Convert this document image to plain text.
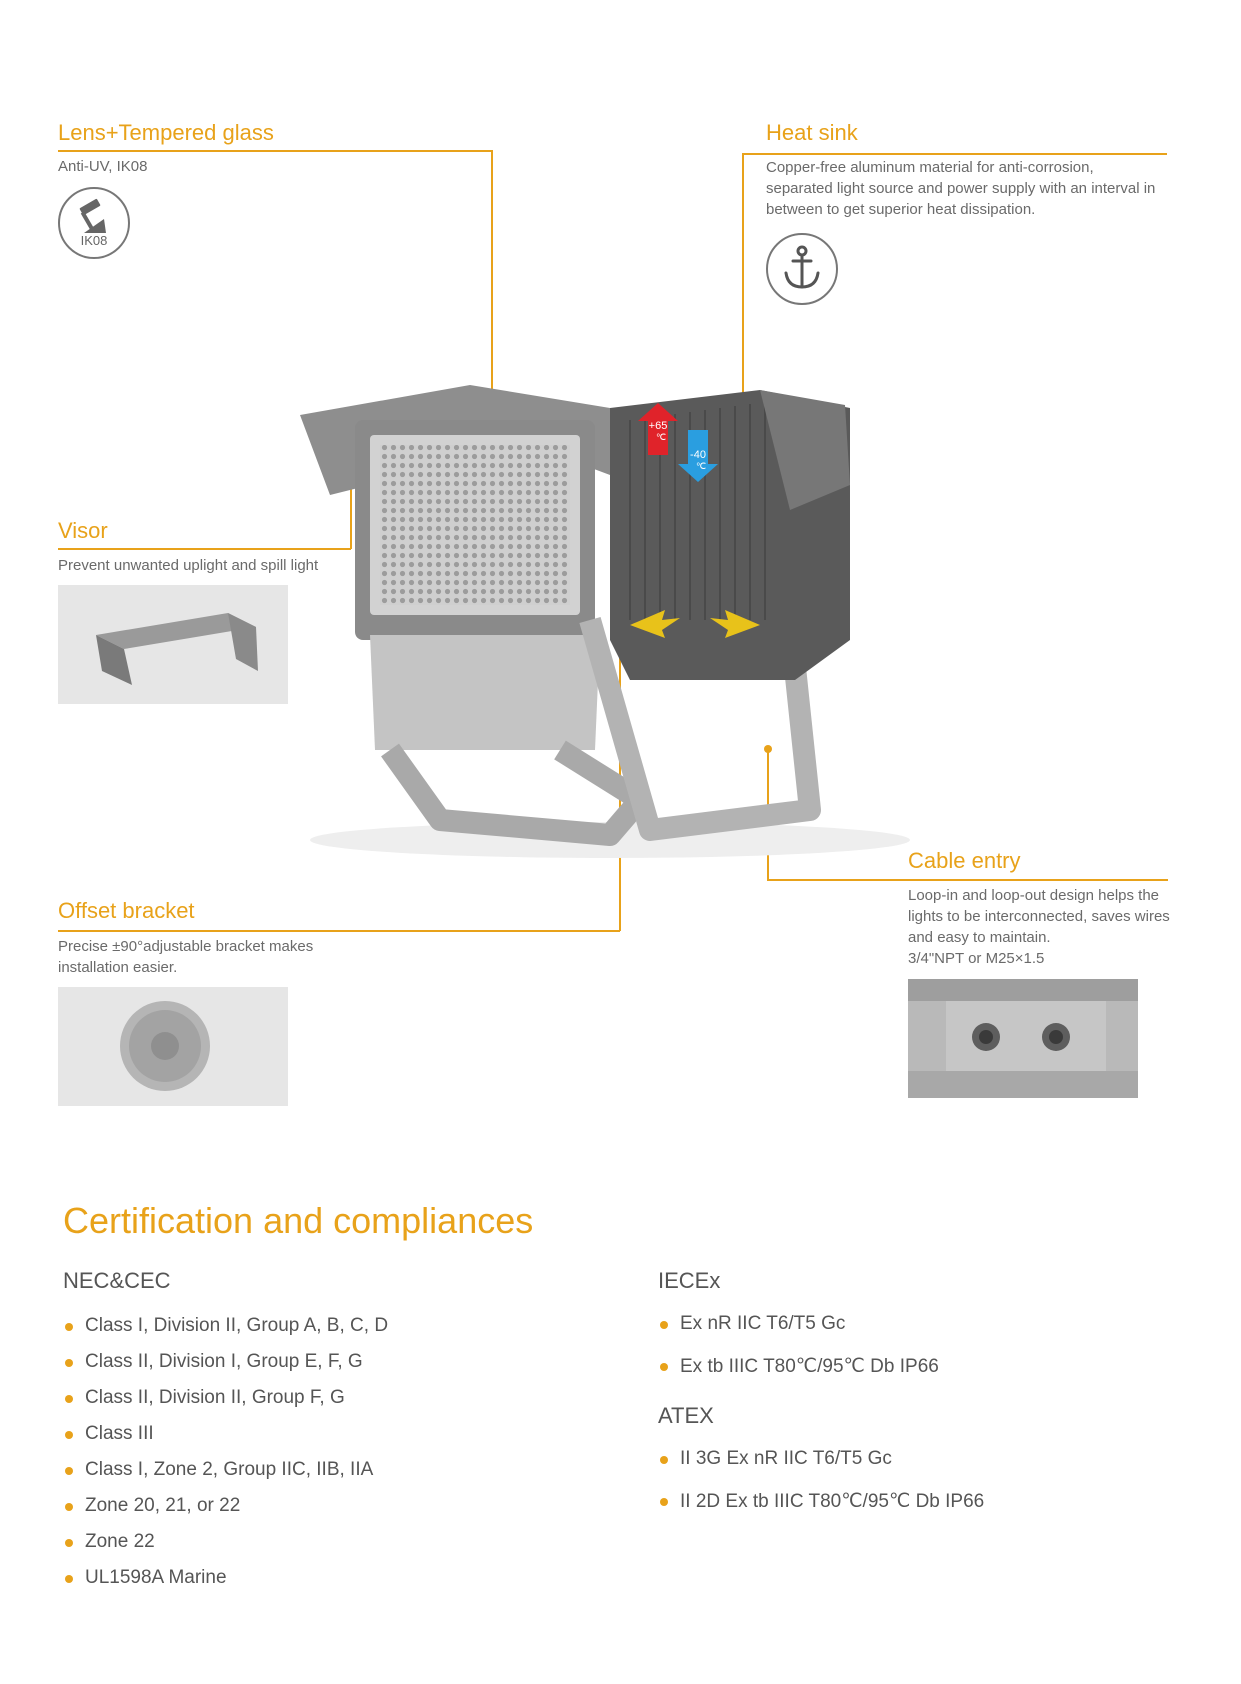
Lens+Tempered glass
Anti-UV, IK08
IK08
Heat sink
Copper-free aluminum material for anti-corrosion, separated light source and power supply with an interval in between to get superior heat dissipation.
Visor
Prevent unwanted uplight and spill light
Offset bracket
Precise ±90°adjustable bracket makes installation easier.
Cable entry
Loop-in and loop-out design helps the lights to be interconnected, saves wires and easy to maintain.
3/4"NPT or M25×1.5
+65
℃
-40
℃
Certification and compliances
NEC&CEC
Class I, Division II, Group A, B, C, D
Class II, Division I, Group E, F, G
Class II, Division II, Group F, G
Class III
Class I, Zone 2, Group IIC, IIB, IIA
Zone 20, 21, or 22
Zone 22
UL1598A Marine
IECEx
Ex nR IIC T6/T5 Gc
Ex tb IIIC T80℃/95℃ Db IP66
ATEX
II 3G Ex nR IIC T6/T5 Gc
II 2D Ex tb IIIC T80℃/95℃ Db IP66
